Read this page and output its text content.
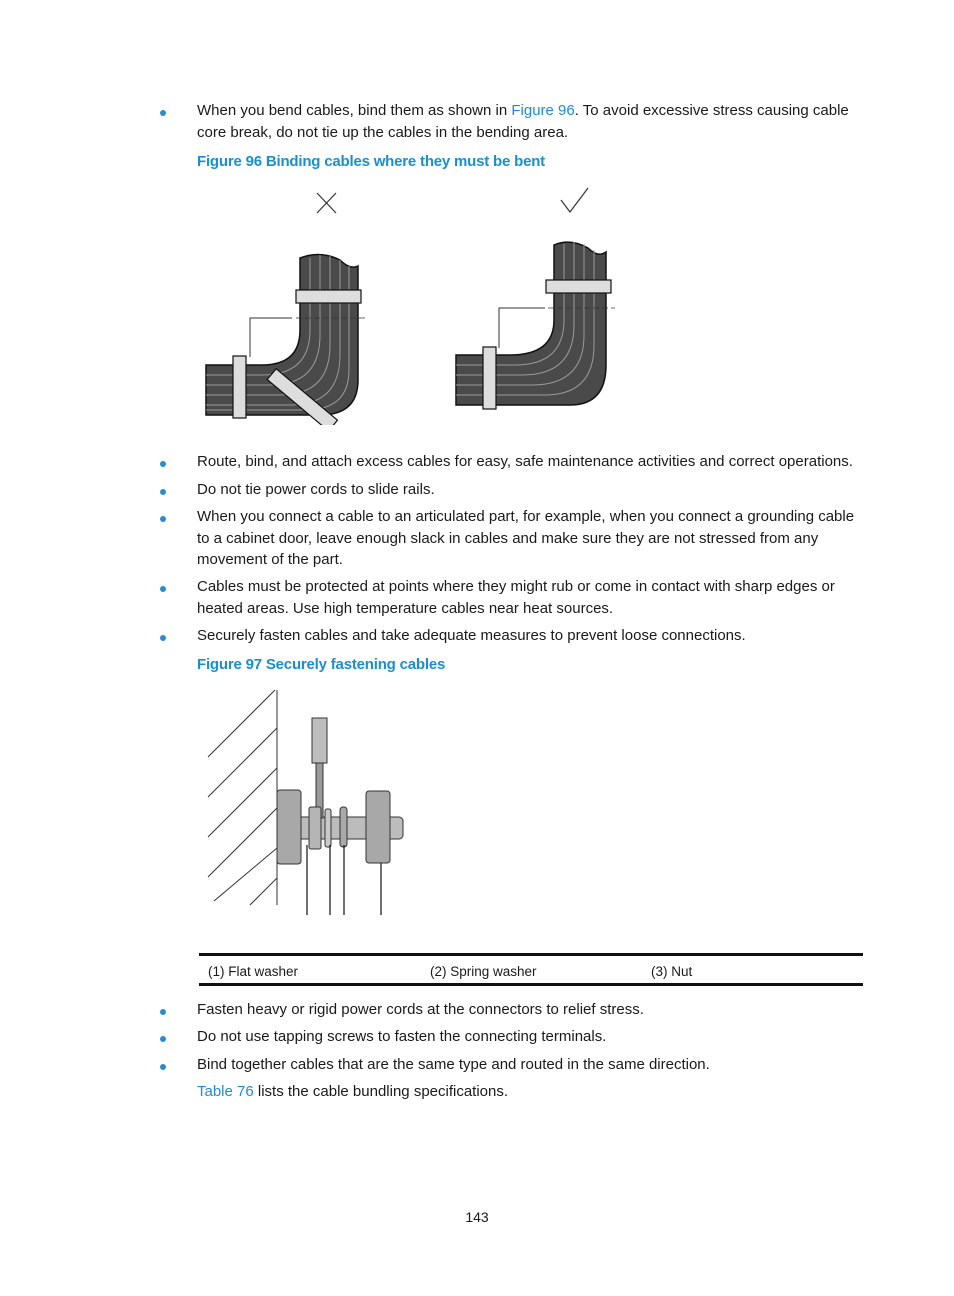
When you bend cables, bind them as shown in Figure 96. To avoid excessive stress causing cable core break, do not tie up the cables in the bending area.
Figure 96 Binding cables where they must be bent
Route, bind, and attach excess cables for easy, safe maintenance activities and correct operations.
Do not tie power cords to slide rails.
When you connect a cable to an articulated part, for example, when you connect a grounding cable to a cabinet door, leave enough slack in cables and make sure they are not stressed from any movement of the part.
Cables must be protected at points where they might rub or come in contact with sharp edges or heated areas. Use high temperature cables near heat sources.
Securely fasten cables and take adequate measures to prevent loose connections.
Figure 97 Securely fastening cables
(1) Flat washer	(2) Spring washer	(3) Nut
Fasten heavy or rigid power cords at the connectors to relief stress.
Do not use tapping screws to fasten the connecting terminals.
Bind together cables that are the same type and routed in the same direction.
Table 76 lists the cable bundling specifications.
143
